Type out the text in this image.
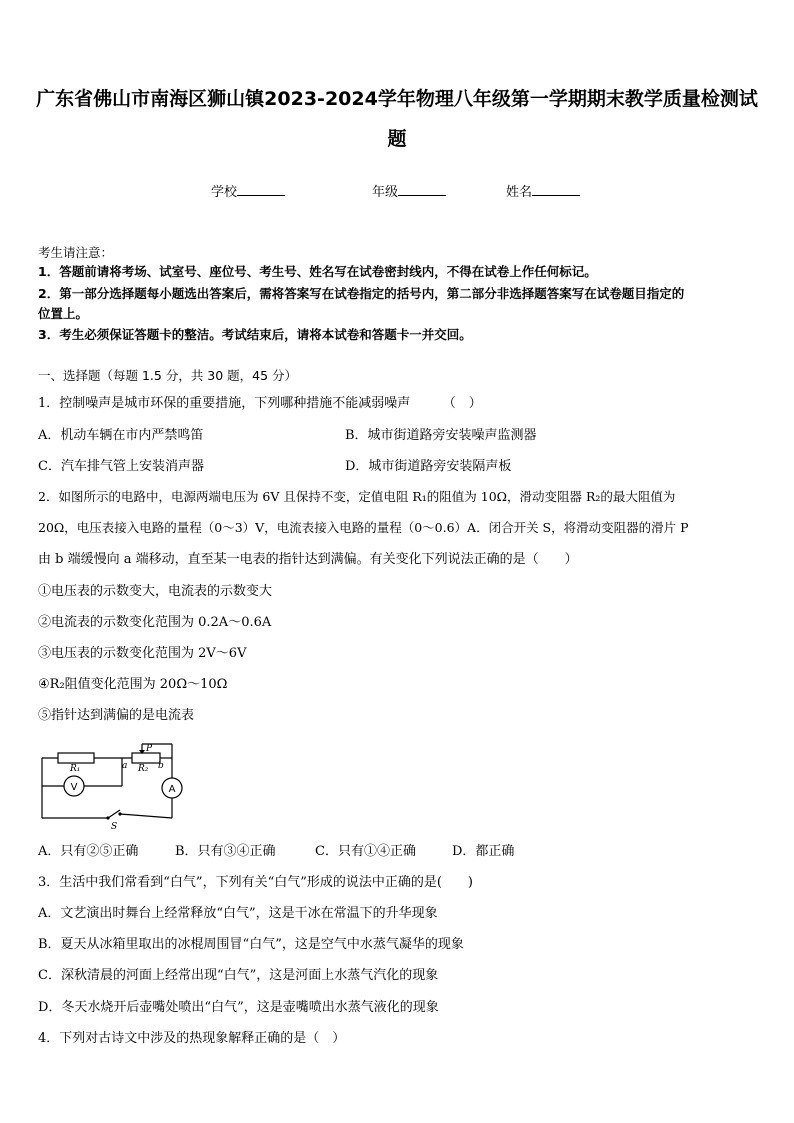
广东省佛山市南海区狮山镇2023-2024学年物理八年级第一学期期末教学质量检测试
题
学校	年级	姓名
考生请注意：
1．答题前请将考场、试室号、座位号、考生号、姓名写在试卷密封线内，不得在试卷上作任何标记。
2．第一部分选择题每小题选出答案后，需将答案写在试卷指定的括号内，第二部分非选择题答案写在试卷题目指定的
位置上。
3．考生必须保证答题卡的整洁。考试结束后，请将本试卷和答题卡一并交回。
一、选择题（每题 1.5 分，共 30 题，45 分）
1．控制噪声是城市环保的重要措施，下列哪种措施不能减弱噪声　　　（　）
A．机动车辆在市内严禁鸣笛	B．城市街道路旁安装噪声监测器
C．汽车排气管上安装消声器	D．城市街道路旁安装隔声板
2．如图所示的电路中，电源两端电压为 6V 且保持不变，定值电阻 R₁的阻值为 10Ω，滑动变阻器 R₂的最大阻值为
20Ω，电压表接入电路的量程（0～3）V，电流表接入电路的量程（0～0.6）A．闭合开关 S，将滑动变阻器的滑片 P
由 b 端缓慢向 a 端移动，直至某一电表的指针达到满偏。有关变化下列说法正确的是（　　）
①电压表的示数变大，电流表的示数变大
②电流表的示数变化范围为 0.2A～0.6A
③电压表的示数变化范围为 2V～6V
④R₂阻值变化范围为 20Ω～10Ω
⑤指针达到满偏的是电流表
R₁	R₂
P
a	b
S
V	A
A．只有②⑤正确	B．只有③④正确	C．只有①④正确	D．都正确
3．生活中我们常看到“白气”，下列有关“白气”形成的说法中正确的是(　　)
A．文艺演出时舞台上经常释放“白气”，这是干冰在常温下的升华现象
B．夏天从冰箱里取出的冰棍周围冒“白气”，这是空气中水蒸气凝华的现象
C．深秋清晨的河面上经常出现“白气”，这是河面上水蒸气汽化的现象
D．冬天水烧开后壶嘴处喷出“白气”，这是壶嘴喷出水蒸气液化的现象
4．下列对古诗文中涉及的热现象解释正确的是（　）
